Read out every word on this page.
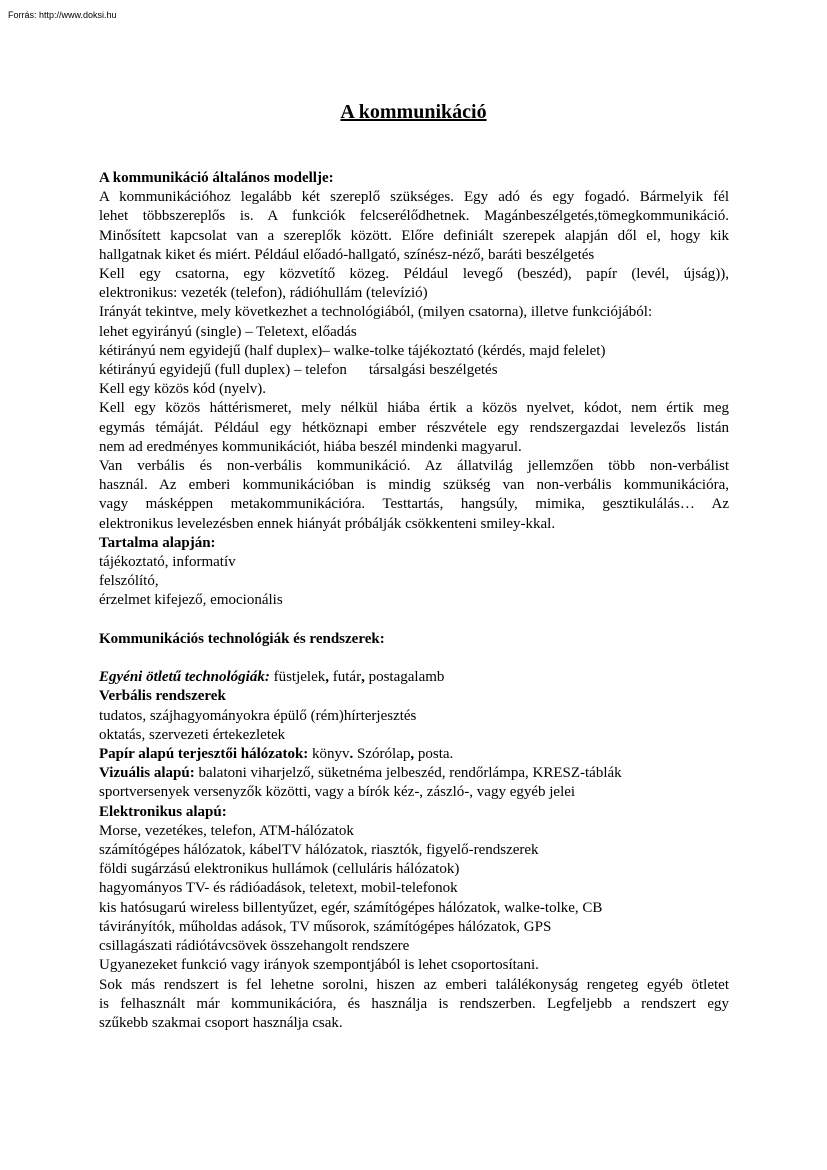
Forrás: http://www.doksi.hu
A kommunikáció
A kommunikáció általános modellje:
A kommunikációhoz legalább két szereplő szükséges. Egy adó és egy fogadó. Bármelyik fél
lehet többszereplős is. A funkciók felcserélődhetnek. Magánbeszélgetés,tömegkommunikáció.
Minősített kapcsolat van a szereplők között. Előre definiált szerepek alapján dől el, hogy kik
hallgatnak kiket és miért. Például előadó-hallgató, színész-néző, baráti beszélgetés
Kell egy csatorna, egy közvetítő közeg. Például levegő (beszéd), papír (levél, újság)),
elektronikus: vezeték (telefon), rádióhullám (televízió)
Irányát tekintve, mely következhet a technológiából, (milyen csatorna), illetve funkciójából:
lehet egyirányú (single) – Teletext, előadás
kétirányú nem egyidejű (half duplex)– walke-tolke tájékoztató (kérdés, majd felelet)
kétirányú egyidejű (full duplex) – telefon társalgási beszélgetés
Kell egy közös kód (nyelv).
Kell egy közös háttérismeret, mely nélkül hiába értik a közös nyelvet, kódot, nem értik meg
egymás témáját. Például egy hétköznapi ember részvétele egy rendszergazdai levelezős listán
nem ad eredményes kommunikációt, hiába beszél mindenki magyarul.
Van verbális és non-verbális kommunikáció. Az állatvilág jellemzően több non-verbálist
használ. Az emberi kommunikációban is mindig szükség van non-verbális kommunikációra,
vagy másképpen metakommunikációra. Testtartás, hangsúly, mimika, gesztikulálás… Az
elektronikus levelezésben ennek hiányát próbálják csökkenteni smiley-kkal.
Tartalma alapján:
tájékoztató, informatív
felszólító,
érzelmet kifejező, emocionális
Kommunikációs technológiák és rendszerek:
Egyéni ötletű technológiák: füstjelek, futár, postagalamb
Verbális rendszerek
tudatos, szájhagyományokra épülő (rém)hírterjesztés
oktatás, szervezeti értekezletek
Papír alapú terjesztői hálózatok: könyv. Szórólap, posta.
Vizuális alapú: balatoni viharjelző, süketnéma jelbeszéd, rendőrlámpa, KRESZ-táblák
sportversenyek versenyzők közötti, vagy a bírók kéz-, zászló-, vagy egyéb jelei
Elektronikus alapú:
Morse, vezetékes, telefon, ATM-hálózatok
számítógépes hálózatok, kábelTV hálózatok, riasztók, figyelő-rendszerek
földi sugárzású elektronikus hullámok (celluláris hálózatok)
hagyományos TV- és rádióadások, teletext, mobil-telefonok
kis hatósugarú wireless billentyűzet, egér, számítógépes hálózatok, walke-tolke, CB
távirányítók, műholdas adások, TV műsorok, számítógépes hálózatok, GPS
csillagászati rádiótávcsövek összehangolt rendszere
Ugyanezeket funkció vagy irányok szempontjából is lehet csoportosítani.
Sok más rendszert is fel lehetne sorolni, hiszen az emberi találékonyság rengeteg egyéb ötletet
is felhasznált már kommunikációra, és használja is rendszerben. Legfeljebb a rendszert egy
szűkebb szakmai csoport használja csak.
